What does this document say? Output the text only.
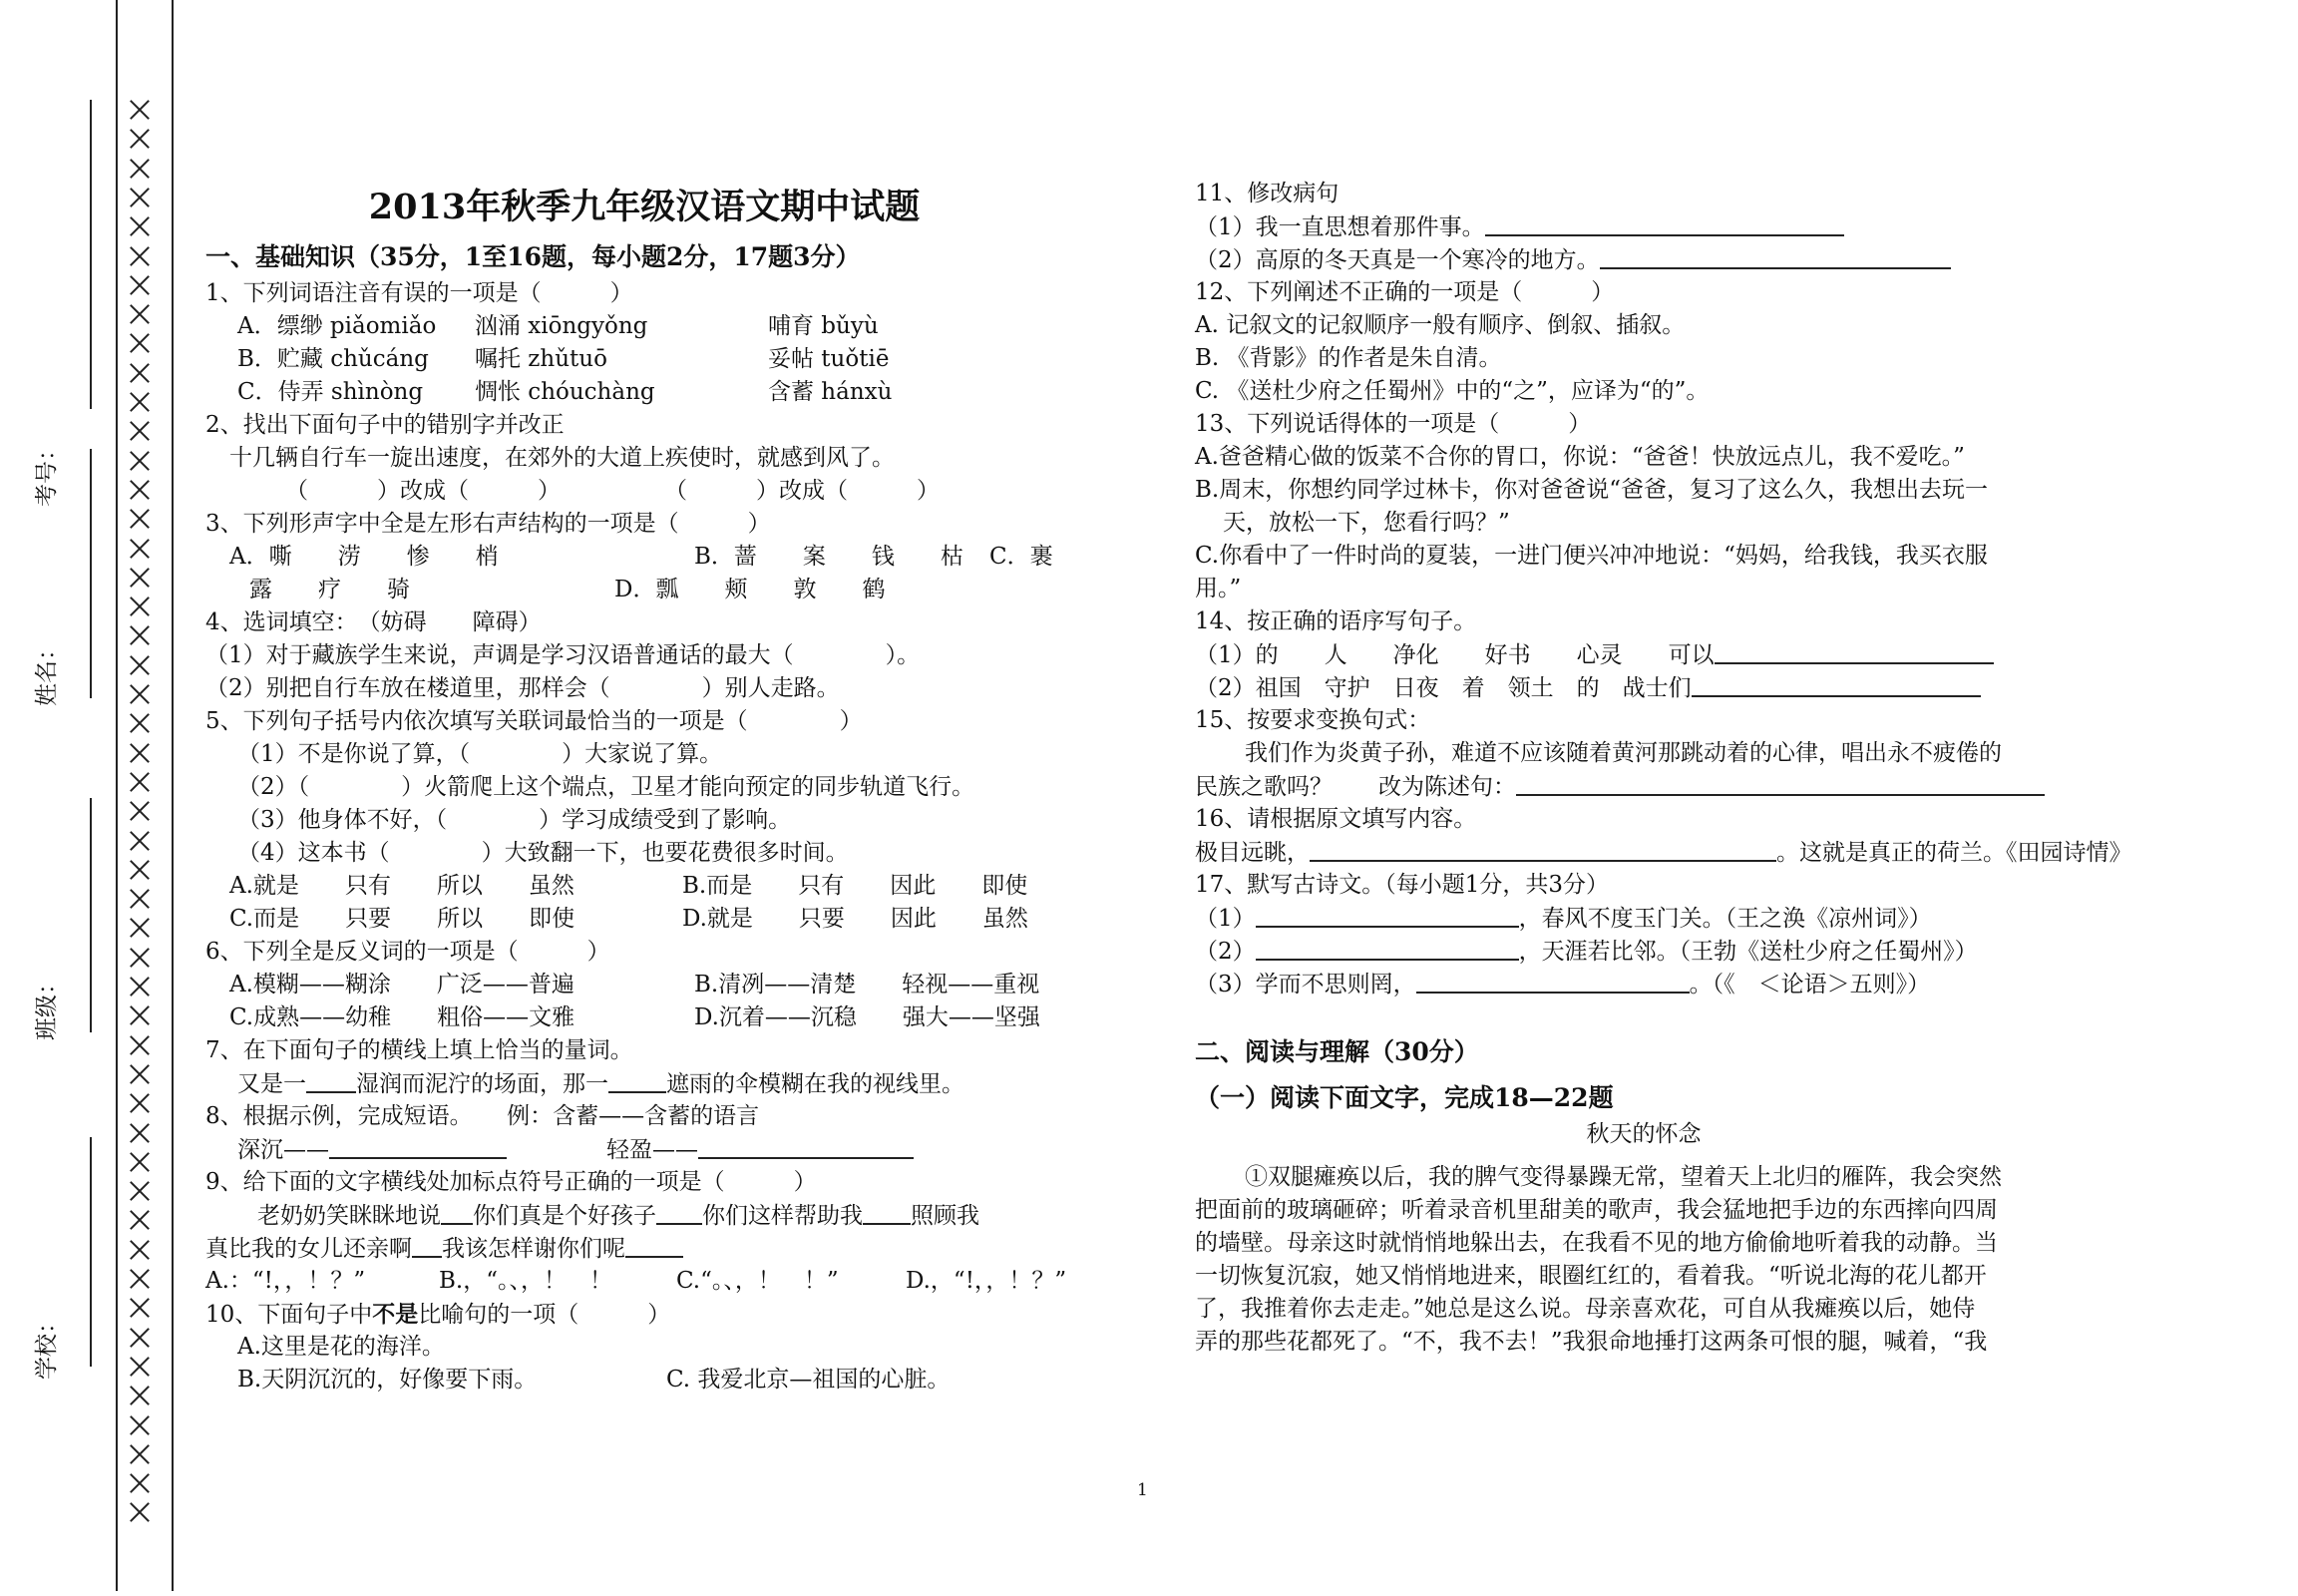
考号：
姓名：
班级：
学校：
2013年秋季九年级汉语文期中试题
一、基础知识（35分，1至16题，每小题2分，17题3分）
1、下列词语注音有误的一项是（　　　）
A．缥缈 piǎomiǎo 汹涌 xiōngyǒng	哺育 bǔyù
B．贮藏 chǔcáng 嘱托 zhǔtuō	妥帖 tuǒtiē
C．侍弄 shìnòng 惆怅 chóuchàng	含蓄 hánxù
2、找出下面句子中的错别字并改正
十几辆自行车一旋出速度，在郊外的大道上疾使时，就感到风了。
（　　　）改成（　　　）	（　　　）改成（　　　）
3、下列形声字中全是左形右声结构的一项是（　　　）
A．嘶　　涝　　惨　　梢	B．蔷　　案　　钱　　枯 C．裹
露　　疗　　骑	D．瓢　　颊　　敦　　鹤
4、选词填空：　（妨碍　　障碍）
（1）对于藏族学生来说，声调是学习汉语普通话的最大（　　　　）。
（2）别把自行车放在楼道里，那样会（　　　　）别人走路。
5、下列句子括号内依次填写关联词最恰当的一项是（　　　　）
（1）不是你说了算，（　　　　）大家说了算。
（2）（　　　　）火箭爬上这个端点，卫星才能向预定的同步轨道飞行。
（3）他身体不好，（　　　　）学习成绩受到了影响。
（4）这本书（　　　　）大致翻一下，也要花费很多时间。
A.就是　　只有　　所以　　虽然	B.而是　　只有　　因此　　即使
C.而是　　只要　　所以　　即使	D.就是　　只要　　因此　　虽然
6、下列全是反义词的一项是（　　　）
A.模糊——糊涂　　广泛——普遍	B.清冽——清楚　　轻视——重视
C.成熟——幼稚　　粗俗——文雅	D.沉着——沉稳　　强大——坚强
7、在下面句子的横线上填上恰当的量词。
又是一 湿润而泥泞的场面，那一	遮雨的伞模糊在我的视线里。
8、根据示例，完成短语。　　例：含蓄——含蓄的语言
深沉——	轻盈——
9、给下面的文字横线处加标点符号正确的一项是（　　　）
老奶奶笑眯眯地说 你们真是个好孩子 你们这样帮助我 照顾我
真比我的女儿还亲啊 我该怎样谢你们呢
A.：“!，，！？”	B.，“。、，！　！	C.“。、，！　！”	D.，“!，，！？”
10、下面句子中不是比喻句的一项（　　　）
A.这里是花的海洋。
B.天阴沉沉的，好像要下雨。	C. 我爱北京—祖国的心脏。
11、修改病句
（1）我一直思想着那件事。
（2）高原的冬天真是一个寒冷的地方。
12、下列阐述不正确的一项是（　　　）
A. 记叙文的记叙顺序一般有顺序、倒叙、插叙。
B. 《背影》的作者是朱自清。
C. 《送杜少府之任蜀州》中的“之”，应译为“的”。
13、下列说话得体的一项是（　　　）
A.爸爸精心做的饭菜不合你的胃口，你说：“爸爸！快放远点儿，我不爱吃。”
B.周末，你想约同学过林卡，你对爸爸说“爸爸，复习了这么久，我想出去玩一
天，放松一下，您看行吗？”
C.你看中了一件时尚的夏装，一进门便兴冲冲地说：“妈妈，给我钱，我买衣服
用。”
14、按正确的语序写句子。
（1）的　　人　　净化　　好书　　心灵　　可以
（2）祖国　守护　日夜　着　领土　的　战士们
15、按要求变换句式：
我们作为炎黄子孙，难道不应该随着黄河那跳动着的心律，唱出永不疲倦的
民族之歌吗？　　改为陈述句：
16、请根据原文填写内容。
极目远眺，	。这就是真正的荷兰。《田园诗情》
17、默写古诗文。（每小题1分，共3分）
（1）	，春风不度玉门关。（王之涣《凉州词》）
（2）	，天涯若比邻。（王勃《送杜少府之任蜀州》）
（3）学而不思则罔，	。（《　＜论语＞五则》）
二、阅读与理解（30分）
（一）阅读下面文字，完成18—22题
秋天的怀念
①双腿瘫痪以后，我的脾气变得暴躁无常，望着天上北归的雁阵，我会突然
把面前的玻璃砸碎；听着录音机里甜美的歌声，我会猛地把手边的东西摔向四周
的墙壁。母亲这时就悄悄地躲出去，在我看不见的地方偷偷地听着我的动静。当
一切恢复沉寂，她又悄悄地进来，眼圈红红的，看着我。“听说北海的花儿都开
了，我推着你去走走。”她总是这么说。母亲喜欢花，可自从我瘫痪以后，她侍
弄的那些花都死了。“不，我不去！”我狠命地捶打这两条可恨的腿，喊着，“我
1
